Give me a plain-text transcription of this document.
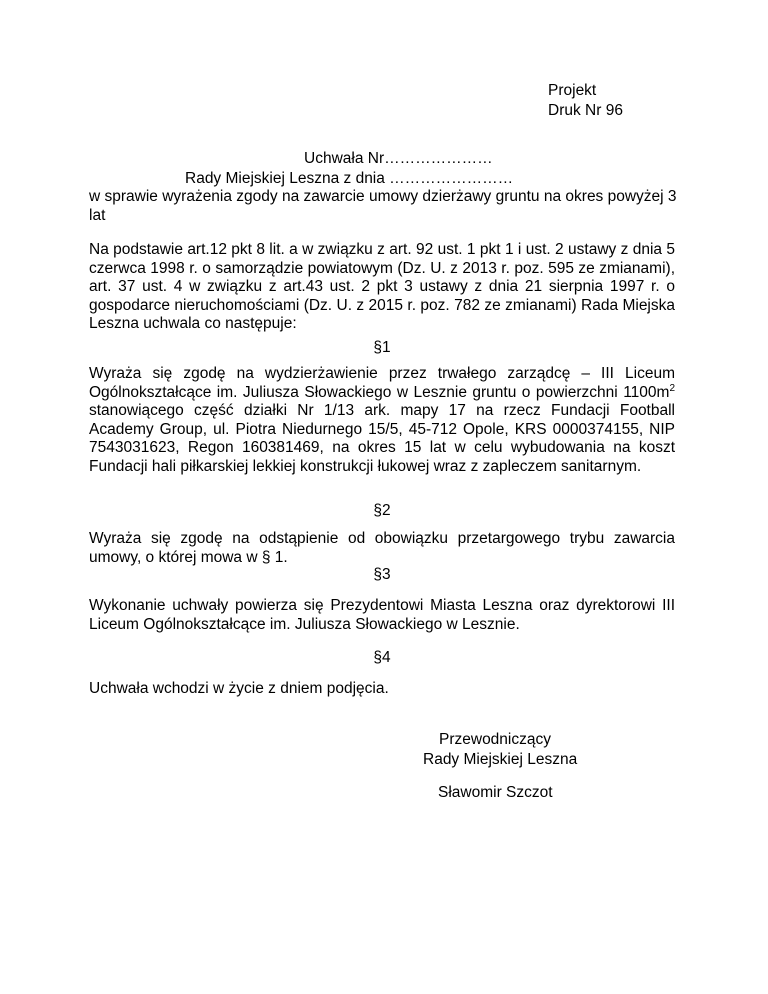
Projekt
Druk Nr 96
Uchwała Nr…………………
Rady Miejskiej Leszna z dnia ……………………
w sprawie wyrażenia zgody na zawarcie umowy dzierżawy gruntu na okres powyżej 3 lat
Na podstawie art.12 pkt 8 lit. a w związku z art. 92 ust. 1 pkt 1 i ust. 2 ustawy z dnia 5 czerwca 1998 r. o samorządzie powiatowym (Dz. U. z 2013 r. poz. 595 ze zmianami), art. 37 ust. 4 w związku z art.43 ust. 2 pkt 3 ustawy z dnia 21 sierpnia 1997 r. o gospodarce nieruchomościami (Dz. U. z 2015 r. poz. 782 ze zmianami) Rada Miejska Leszna uchwala co następuje:
§1
Wyraża się zgodę na wydzierżawienie przez trwałego zarządcę – III Liceum Ogólnokształcące im. Juliusza Słowackiego w Lesznie gruntu o powierzchni $1100m^2$ stanowiącego część działki Nr 1/13 ark. mapy 17 na rzecz Fundacji Football Academy Group, ul. Piotra Niedurnego 15/5, 45-712 Opole, KRS 0000374155, NIP 7543031623, Regon 160381469, na okres 15 lat w celu wybudowania na koszt Fundacji hali piłkarskiej lekkiej konstrukcji łukowej wraz z zapleczem sanitarnym.
§2
Wyraża się zgodę na odstąpienie od obowiązku przetargowego trybu zawarcia umowy, o której mowa w § 1.
§3
Wykonanie uchwały powierza się Prezydentowi Miasta Leszna oraz dyrektorowi III Liceum Ogólnokształcące im. Juliusza Słowackiego w Lesznie.
§4
Uchwała wchodzi w życie z dniem podjęcia.
Przewodniczący
Rady Miejskiej Leszna
Sławomir Szczot
